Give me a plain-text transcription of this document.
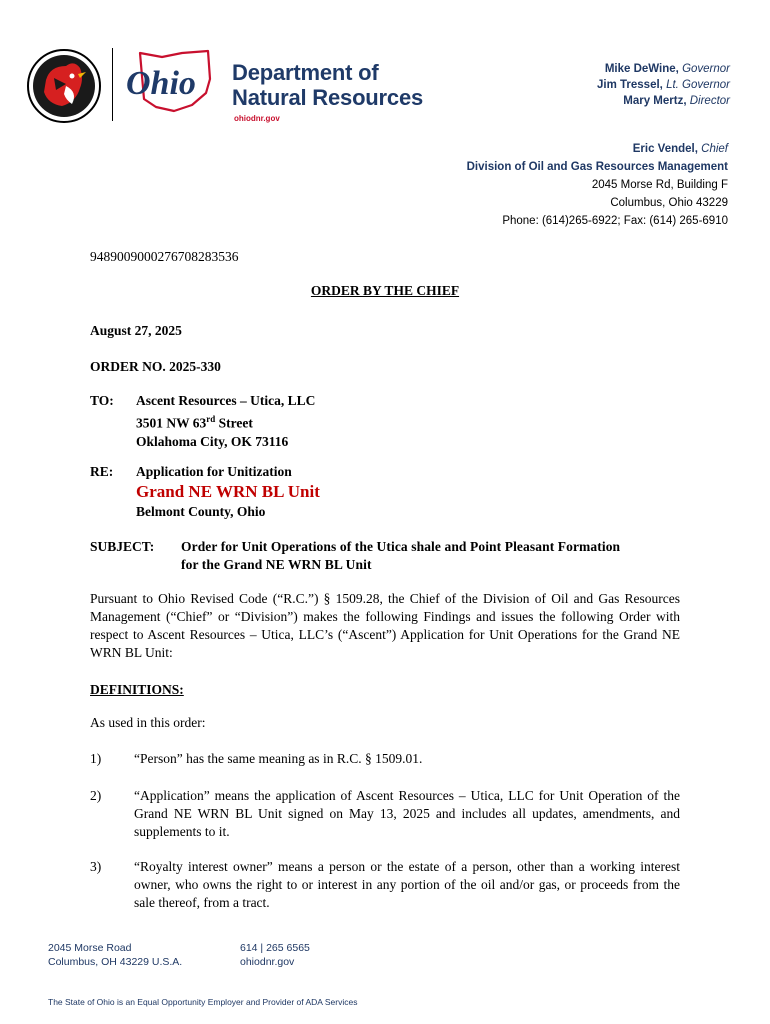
Ohio Department of
Natural Resources
ohiodnr.gov
Mike DeWine, Governor
Jim Tressel, Lt. Governor
Mary Mertz, Director
Eric Vendel, Chief
Division of Oil and Gas Resources Management
2045 Morse Rd, Building F
Columbus, Ohio 43229
Phone: (614)265-6922; Fax: (614) 265-6910
9489009000276708283536
ORDER BY THE CHIEF
August 27, 2025
ORDER NO. 2025-330
TO: Ascent Resources – Utica, LLC
3501 NW 63rd Street
Oklahoma City, OK 73116
RE: Application for Unitization
Grand NE WRN BL Unit
Belmont County, Ohio
SUBJECT: Order for Unit Operations of the Utica shale and Point Pleasant Formation
for the Grand NE WRN BL Unit
Pursuant to Ohio Revised Code (“R.C.”) § 1509.28, the Chief of the Division of Oil and Gas Resources Management (“Chief” or “Division”) makes the following Findings and issues the following Order with respect to Ascent Resources – Utica, LLC’s (“Ascent”) Application for Unit Operations for the Grand NE WRN BL Unit:
DEFINITIONS:
As used in this order:
1) “Person” has the same meaning as in R.C. § 1509.01.
2) “Application” means the application of Ascent Resources – Utica, LLC for Unit Operation of the Grand NE WRN BL Unit signed on May 13, 2025 and includes all updates, amendments, and supplements to it.
3) “Royalty interest owner” means a person or the estate of a person, other than a working interest owner, who owns the right to or interest in any portion of the oil and/or gas, or proceeds from the sale thereof, from a tract.
2045 Morse Road
Columbus, OH 43229 U.S.A.
614 | 265 6565
ohiodnr.gov
The State of Ohio is an Equal Opportunity Employer and Provider of ADA Services
